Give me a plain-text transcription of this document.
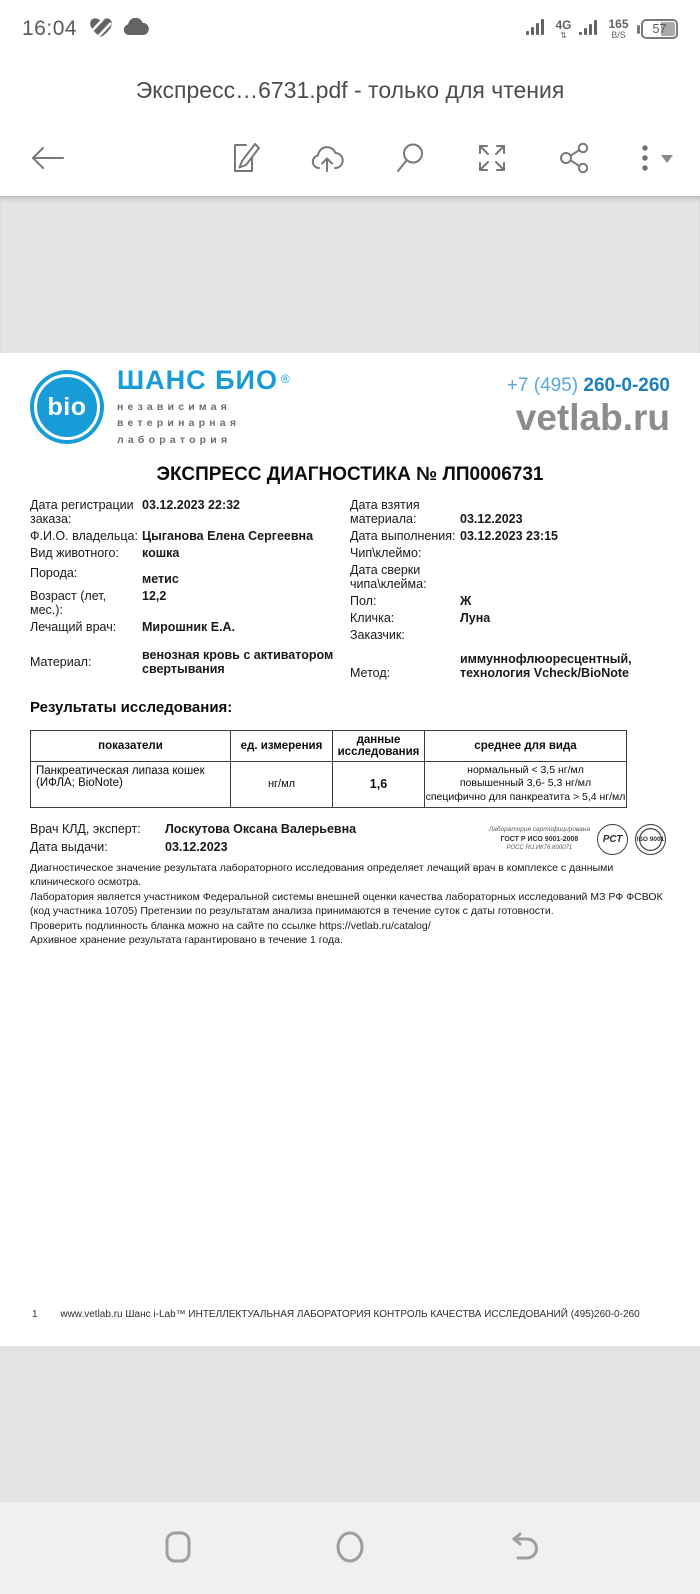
16:04	4G
⇅
165
B/S 57
Экспресс…6731.pdf - только для чтения
bio
ШАНС БИО ®
независимая
ветеринарная
лаборатория
+7 (495) 260-0-260
vetlab.ru
ЭКСПРЕСС ДИАГНОСТИКА № ЛП0006731
Дата регистрации заказа:
03.12.2023 22:32
Ф.И.О. владельца: Цыганова Елена Сергеевна
Вид животного:	кошка
Порода:	метис
Возраст (лет, мес.):
12,2
Лечащий врач:	Мирошник Е.А.
Материал:	венозная кровь с активатором свертывания
Дата взятия материала:	03.12.2023
Дата выполнения: 03.12.2023 23:15
Чип\клеймо:
Дата сверки чипа\клейма:
Пол:	Ж
Кличка:	Луна
Заказчик:
Метод:
иммуннофлюоресцентный, технология Vcheck/BioNote
Результаты исследования:
показатели	ед. измерения	данные исследования	среднее для вида
Панкреатическая липаза кошек (ИФЛА; BioNote)	нг/мл	1,6	нормальный < 3,5 нг/мл
повышенный 3,6- 5,3 нг/мл
специфично для панкреатита > 5,4 нг/мл
Врач КЛД, эксперт:	Лоскутова Оксана Валерьевна
Дата выдачи:	03.12.2023
Лаборатория сертифицирована
ГОСТ Р ИСО 9001-2008
РОСС RU.ИК76.К00071
РСТ ISO 9001

Диагностическое значение результата лабораторного исследования определяет лечащий врач в комплексе с данными клинического осмотра.

Лаборатория является участником Федеральной системы внешней оценки качества лабораторных исследований МЗ РФ ФСВОК (код участника 10705) Претензии по результатам анализа принимаются в течение суток с даты готовности.

Проверить подлинность бланка можно на сайте по ссылке https://vetlab.ru/catalog/

Архивное хранение результата гарантировано в течение 1 года.

1	www.vetlab.ru Шанс i-Lab™ ИНТЕЛЛЕКТУАЛЬНАЯ ЛАБОРАТОРИЯ КОНТРОЛЬ КАЧЕСТВА ИССЛЕДОВАНИЙ (495)260-0-260
